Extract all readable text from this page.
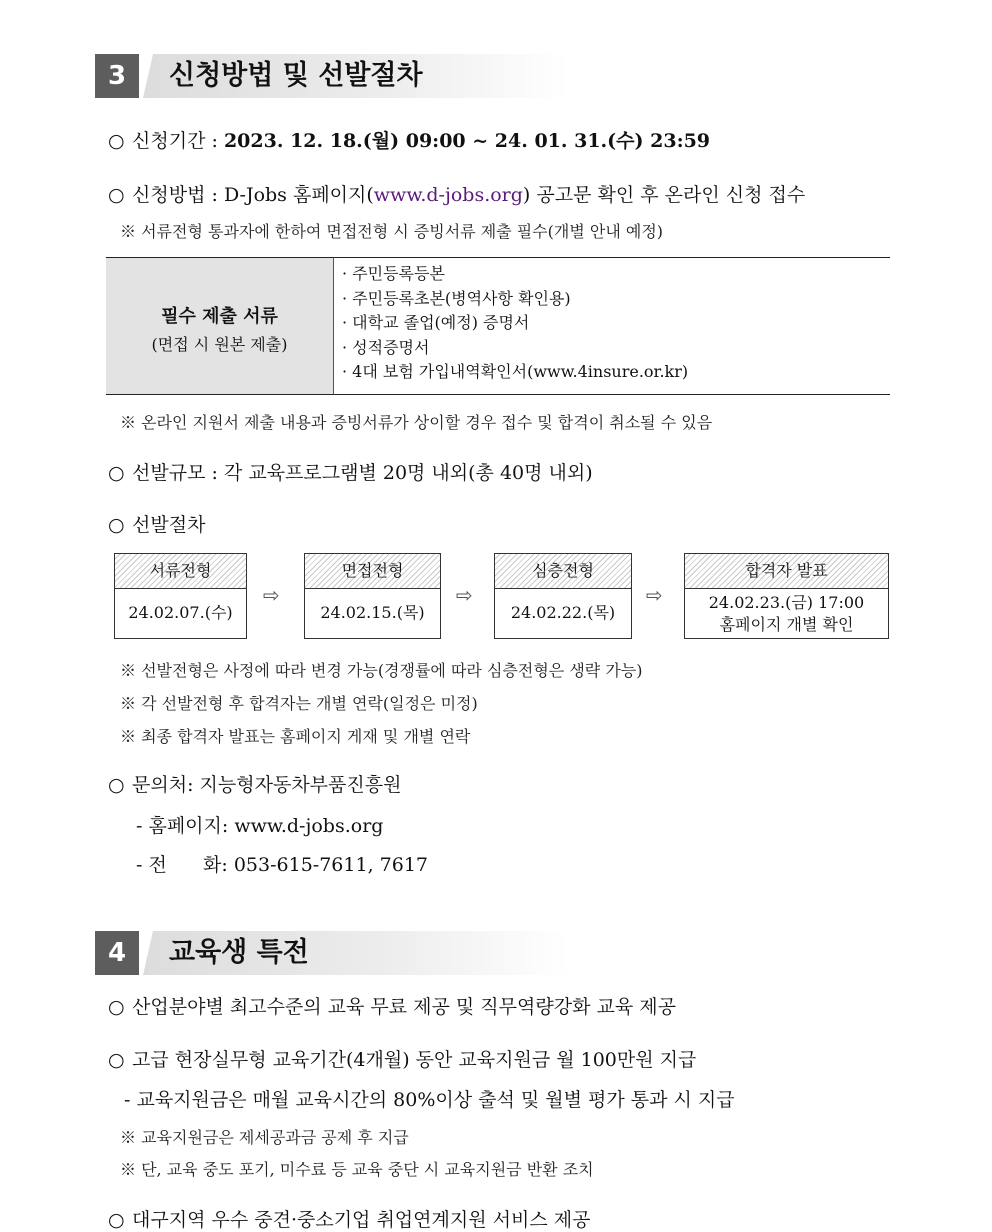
3	신청방법 및 선발절차
○ 신청기간 : 2023. 12. 18.(월) 09:00 ~ 24. 01. 31.(수) 23:59
○ 신청방법 : D-Jobs 홈페이지(www.d-jobs.org) 공고문 확인 후 온라인 신청 접수
※ 서류전형 통과자에 한하여 면접전형 시 증빙서류 제출 필수(개별 안내 예정)
필수 제출 서류
(면접 시 원본 제출)
· 주민등록등본
· 주민등록초본(병역사항 확인용)
· 대학교 졸업(예정) 증명서
· 성적증명서
· 4대 보험 가입내역확인서(www.4insure.or.kr)
※ 온라인 지원서 제출 내용과 증빙서류가 상이할 경우 접수 및 합격이 취소될 수 있음
○ 선발규모 : 각 교육프로그램별 20명 내외(총 40명 내외)
○ 선발절차
서류전형
24.02.07.(수)
⇨
면접전형
24.02.15.(목)
⇨
심층전형
24.02.22.(목)
⇨
합격자 발표
24.02.23.(금) 17:00
홈페이지 개별 확인
※ 선발전형은 사정에 따라 변경 가능(경쟁률에 따라 심층전형은 생략 가능)
※ 각 선발전형 후 합격자는 개별 연락(일정은 미정)
※ 최종 합격자 발표는 홈페이지 게재 및 개별 연락
○ 문의처: 지능형자동차부품진흥원
- 홈페이지: www.d-jobs.org
- 전      화: 053-615-7611, 7617
4	교육생 특전
○ 산업분야별 최고수준의 교육 무료 제공 및 직무역량강화 교육 제공
○ 고급 현장실무형 교육기간(4개월) 동안 교육지원금 월 100만원 지급
- 교육지원금은 매월 교육시간의 80%이상 출석 및 월별 평가 통과 시 지급
※ 교육지원금은 제세공과금 공제 후 지급
※ 단, 교육 중도 포기, 미수료 등 교육 중단 시 교육지원금 반환 조치
○ 대구지역 우수 중견·중소기업 취업연계지원 서비스 제공
